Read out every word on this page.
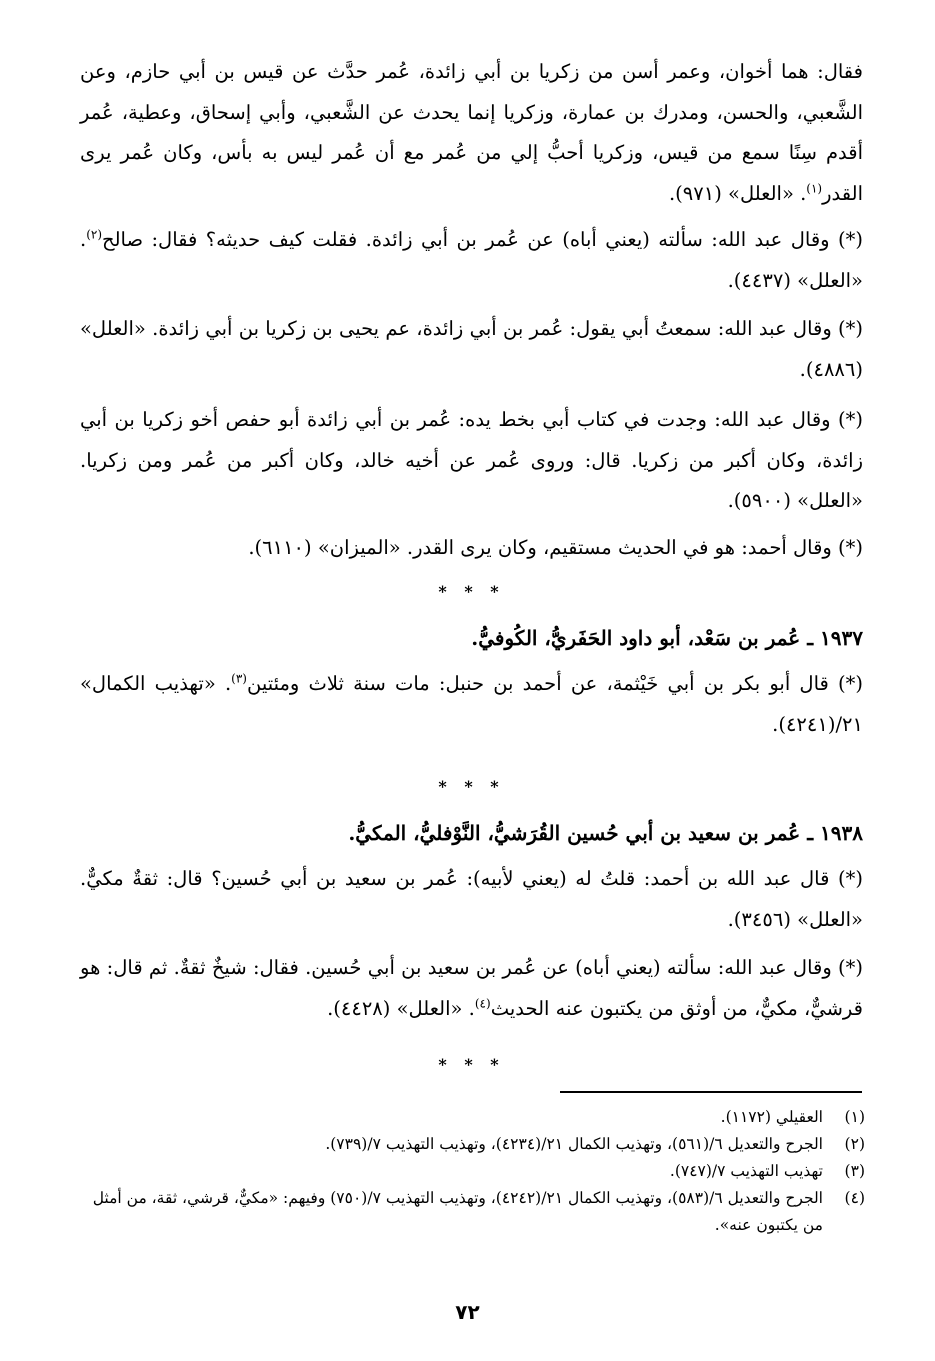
فقال: هما أخوان، وعمر أسن من زكريا بن أبي زائدة، عُمر حدَّث عن قيس بن أبي حازم، وعن الشَّعبي، والحسن، ومدرك بن عمارة، وزكريا إنما يحدث عن الشَّعبي، وأبي إسحاق، وعطية، عُمر أقدم سِنًا سمع من قيس، وزكريا أحبُّ إلي من عُمر مع أن عُمر ليس به بأس، وكان عُمر يرى القدر$^{(١)}$. «العلل» (٩٧١).

(*) وقال عبد الله: سألته (يعني أباه) عن عُمر بن أبي زائدة. فقلت كيف حديثه؟ فقال: صالح$^{(٢)}$. «العلل» (٤٤٣٧).

(*) وقال عبد الله: سمعتُ أبي يقول: عُمر بن أبي زائدة، عم يحيى بن زكريا بن أبي زائدة. «العلل» (٤٨٨٦).

(*) وقال عبد الله: وجدت في كتاب أبي بخط يده: عُمر بن أبي زائدة أبو حفص أخو زكريا بن أبي زائدة، وكان أكبر من زكريا. قال: وروى عُمر عن أخيه خالد، وكان أكبر من عُمر ومن زكريا. «العلل» (٥٩٠٠).

(*) وقال أحمد: هو في الحديث مستقيم، وكان يرى القدر. «الميزان» (٦١١٠).

* * *

١٩٣٧ ـ عُمر بن سَعْد، أبو داود الحَفَريُّ، الكُوفيُّ.

(*) قال أبو بكر بن أبي خَيْثمة، عن أحمد بن حنبل: مات سنة ثلاث ومئتين$^{(٣)}$. «تهذيب الكمال» ٢١/(٤٢٤١).

* * *

١٩٣٨ ـ عُمر بن سعيد بن أبي حُسين القُرَشيُّ، النَّوْفليُّ، المكيُّ.

(*) قال عبد الله بن أحمد: قلتُ له (يعني لأبيه): عُمر بن سعيد بن أبي حُسين؟ قال: ثقةٌ مكيٌّ. «العلل» (٣٤٥٦).

(*) وقال عبد الله: سألته (يعني أباه) عن عُمر بن سعيد بن أبي حُسين. فقال: شيخٌ ثقةٌ. ثم قال: هو قرشيٌّ، مكيٌّ، من أوثق من يكتبون عنه الحديث$^{(٤)}$. «العلل» (٤٤٢٨).

* * *
(١)
العقيلي (١١٧٢).
(٢)
الجرح والتعديل ٦/(٥٦١)، وتهذيب الكمال ٢١/(٤٢٣٤)، وتهذيب التهذيب ٧/(٧٣٩).
(٣)
تهذيب التهذيب ٧/(٧٤٧).
(٤)
الجرح والتعديل ٦/(٥٨٣)، وتهذيب الكمال ٢١/(٤٢٤٢)، وتهذيب التهذيب ٧/(٧٥٠) وفيهم: «مكيٌّ، قرشي، ثقة، من أمثل من يكتبون عنه».
٧٢
